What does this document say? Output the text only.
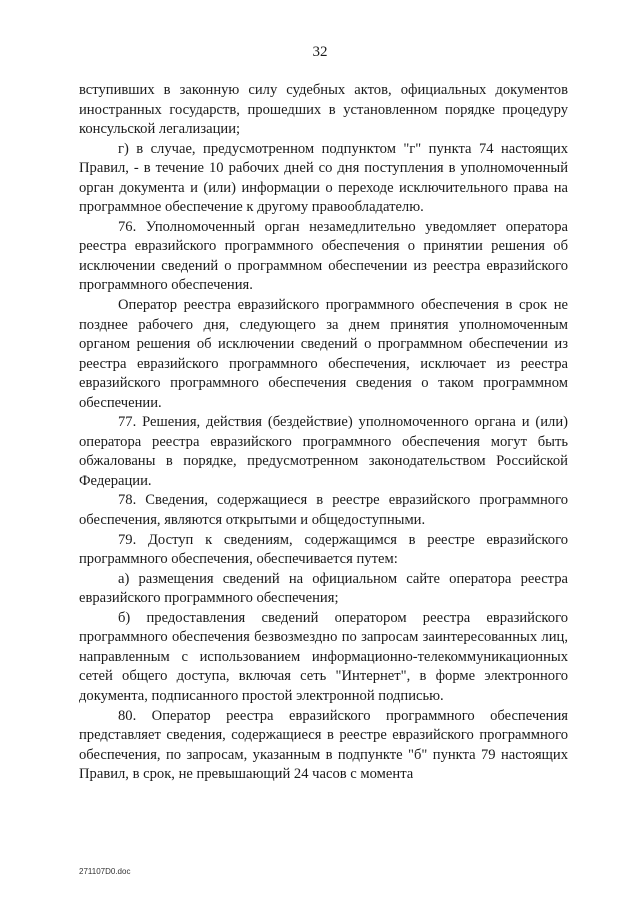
32

вступивших в законную силу судебных актов, официальных документов иностранных государств, прошедших в установленном порядке процедуру консульской легализации;

г) в случае, предусмотренном подпунктом "г" пункта 74 настоящих Правил, - в течение 10 рабочих дней со дня поступления в уполномоченный орган документа и (или) информации о переходе исключительного права на программное обеспечение к другому правообладателю.

76. Уполномоченный орган незамедлительно уведомляет оператора реестра евразийского программного обеспечения о принятии решения об исключении сведений о программном обеспечении из реестра евразийского программного обеспечения.

Оператор реестра евразийского программного обеспечения в срок не позднее рабочего дня, следующего за днем принятия уполномоченным органом решения об исключении сведений о программном обеспечении из реестра евразийского программного обеспечения, исключает из реестра евразийского программного обеспечения сведения о таком программном обеспечении.

77. Решения, действия (бездействие) уполномоченного органа и (или) оператора реестра евразийского программного обеспечения могут быть обжалованы в порядке, предусмотренном законодательством Российской Федерации.

78. Сведения, содержащиеся в реестре евразийского программного обеспечения, являются открытыми и общедоступными.

79. Доступ к сведениям, содержащимся в реестре евразийского программного обеспечения, обеспечивается путем:

а) размещения сведений на официальном сайте оператора реестра евразийского программного обеспечения;

б) предоставления сведений оператором реестра евразийского программного обеспечения безвозмездно по запросам заинтересованных лиц, направленным с использованием информационно-телекоммуникационных сетей общего доступа, включая сеть "Интернет", в форме электронного документа, подписанного простой электронной подписью.

80. Оператор реестра евразийского программного обеспечения представляет сведения, содержащиеся в реестре евразийского программного обеспечения, по запросам, указанным в подпункте "б" пункта 79 настоящих Правил, в срок, не превышающий 24 часов с момента

271107D0.doc
